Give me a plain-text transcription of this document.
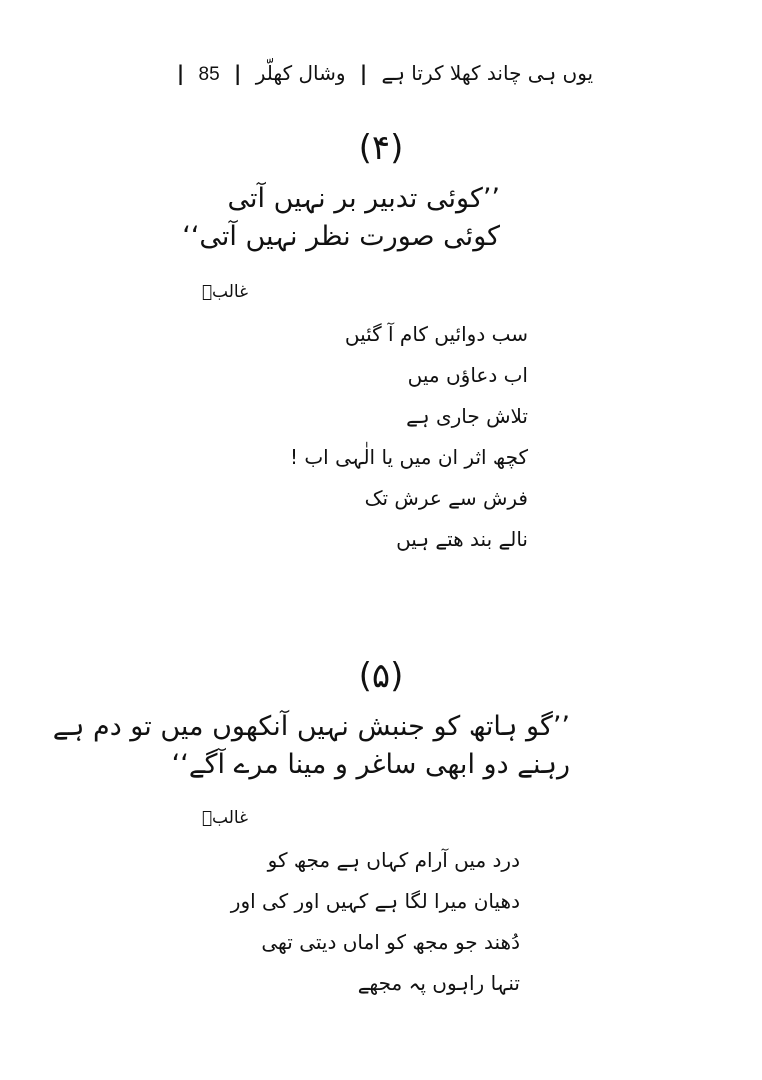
یوں ہی چاند کھلا کرتا ہے | وشال کھلّر | 85 |
(۴)
’’کوئی تدبیر بر نہیں آتی
کوئی صورت نظر نہیں آتی‘‘
غالبؔ
سب دوائیں کام آ گئیں
اب دعاؤں میں
تلاش جاری ہے
کچھ اثر ان میں یا الٰہی اب !
فرش سے عرش تک
نالے بند ھتے ہیں
(۵)
’’گو ہاتھ کو جنبش نہیں آنکھوں میں تو دم ہے
رہنے دو ابھی ساغر و مینا مرے آگے‘‘
غالبؔ
درد میں آرام کہاں ہے مجھ کو
دھیان میرا لگا ہے کہیں اور کی اور
دُھند جو مجھ کو اماں دیتی تھی
تنہا راہوں پہ مجھے
